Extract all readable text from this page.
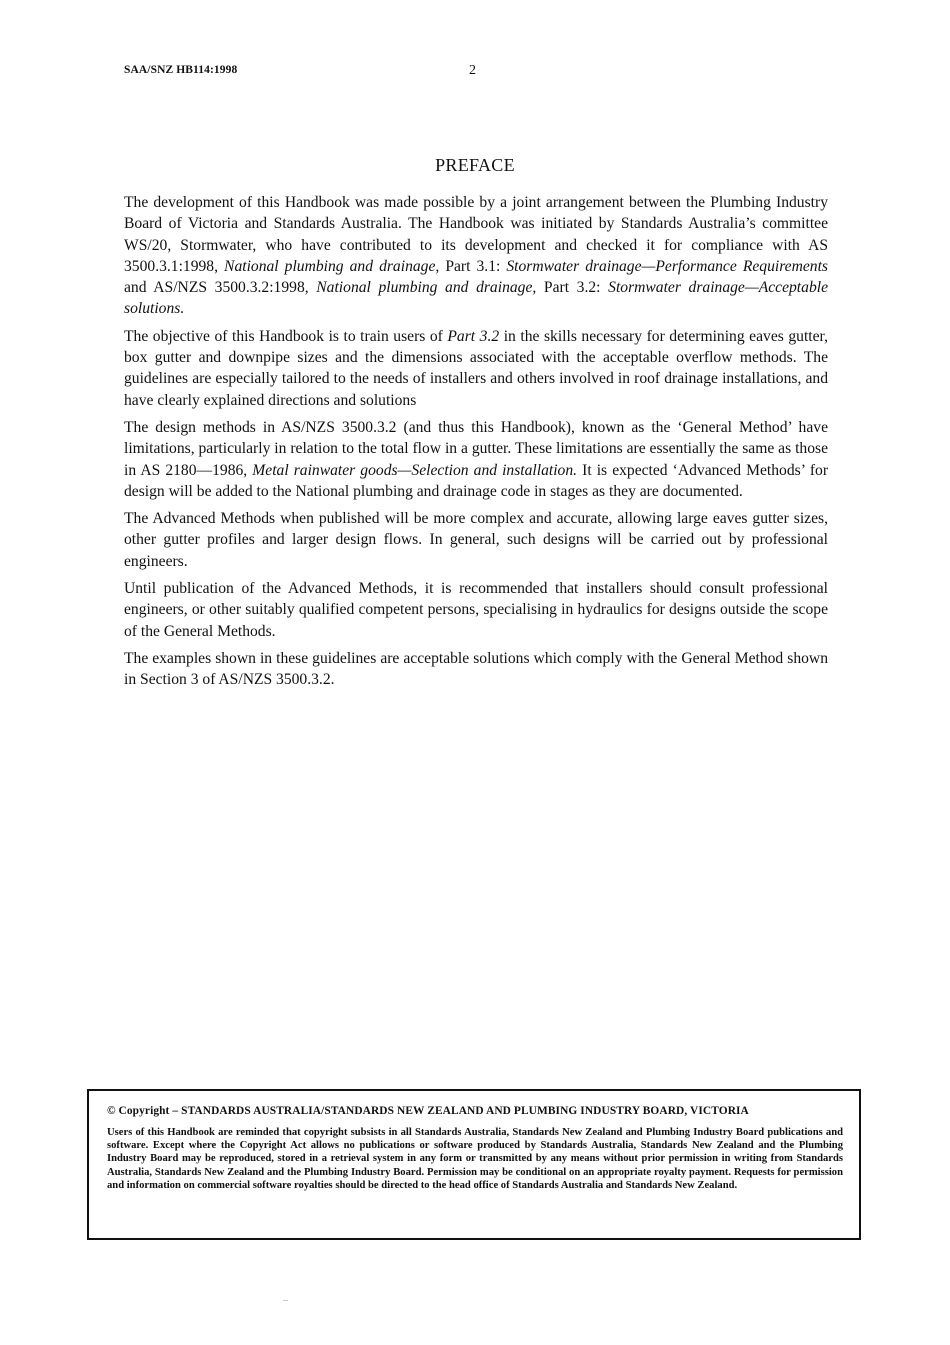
SAA/SNZ HB114:1998	2
PREFACE

The development of this Handbook was made possible by a joint arrangement between the Plumbing Industry Board of Victoria and Standards Australia. The Handbook was initiated by Standards Australia’s committee WS/20, Stormwater, who have contributed to its development and checked it for compliance with AS 3500.3.1:1998, National plumbing and drainage, Part 3.1: Stormwater drainage—Performance Requirements and AS/NZS 3500.3.2:1998, National plumbing and drainage, Part 3.2: Stormwater drainage—Acceptable solutions.

The objective of this Handbook is to train users of Part 3.2 in the skills necessary for determining eaves gutter, box gutter and downpipe sizes and the dimensions associated with the acceptable overflow methods. The guidelines are especially tailored to the needs of installers and others involved in roof drainage installations, and have clearly explained directions and solutions

The design methods in AS/NZS 3500.3.2 (and thus this Handbook), known as the ‘General Method’ have limitations, particularly in relation to the total flow in a gutter. These limitations are essentially the same as those in AS 2180—1986, Metal rainwater goods—Selection and installation. It is expected ‘Advanced Methods’ for design will be added to the National plumbing and drainage code in stages as they are documented.

The Advanced Methods when published will be more complex and accurate, allowing large eaves gutter sizes, other gutter profiles and larger design flows. In general, such designs will be carried out by professional engineers.

Until publication of the Advanced Methods, it is recommended that installers should consult professional engineers, or other suitably qualified competent persons, specialising in hydraulics for designs outside the scope of the General Methods.

The examples shown in these guidelines are acceptable solutions which comply with the General Method shown in Section 3 of AS/NZS 3500.3.2.

© Copyright – STANDARDS AUSTRALIA/STANDARDS NEW ZEALAND AND PLUMBING INDUSTRY BOARD, VICTORIA
Users of this Handbook are reminded that copyright subsists in all Standards Australia, Standards New Zealand and Plumbing Industry Board publications and software. Except where the Copyright Act allows no publications or software produced by Standards Australia, Standards New Zealand and the Plumbing Industry Board may be reproduced, stored in a retrieval system in any form or transmitted by any means without prior permission in writing from Standards Australia, Standards New Zealand and the Plumbing Industry Board. Permission may be conditional on an appropriate royalty payment. Requests for permission and information on commercial software royalties should be directed to the head office of Standards Australia and Standards New Zealand.
